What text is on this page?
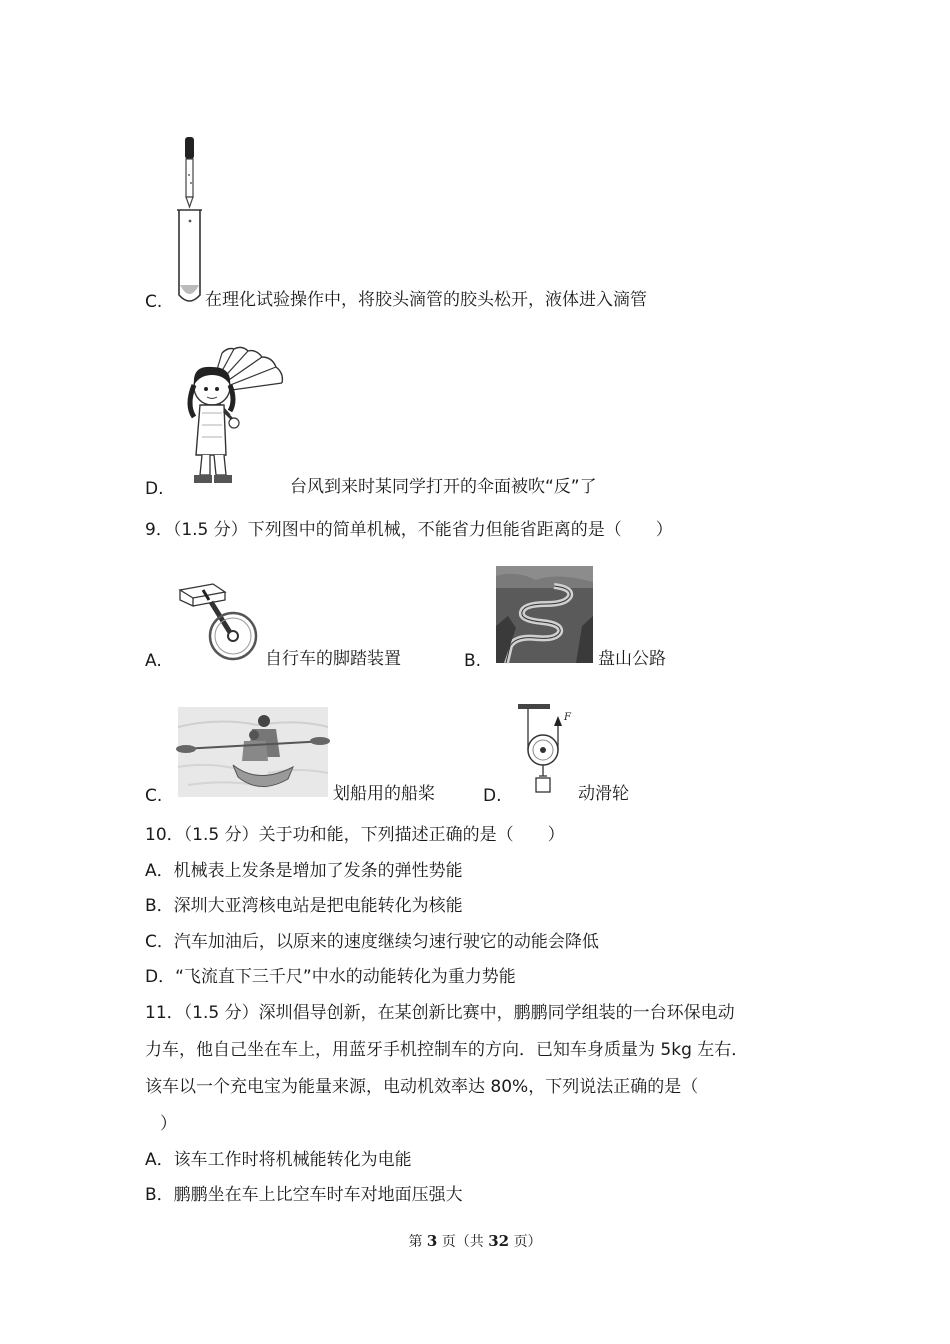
C.	在理化试验操作中，将胶头滴管的胶头松开，液体进入滴管
D.	台风到来时某同学打开的伞面被吹“反”了
9．（1.5 分）下列图中的简单机械，不能省力但能省距离的是（　　）
A.	自行车的脚踏装置	B.	盘山公路
C.	划船用的船桨
F
D.	动滑轮
10．（1.5 分）关于功和能，下列描述正确的是（　　）
A．机械表上发条是增加了发条的弹性势能
B．深圳大亚湾核电站是把电能转化为核能
C．汽车加油后，以原来的速度继续匀速行驶它的动能会降低
D．“飞流直下三千尺”中水的动能转化为重力势能
11．（1.5 分）深圳倡导创新，在某创新比赛中，鹏鹏同学组装的一台环保电动
力车，他自己坐在车上，用蓝牙手机控制车的方向．已知车身质量为 5kg 左右．
该车以一个充电宝为能量来源，电动机效率达 80%，下列说法正确的是（
）
A．该车工作时将机械能转化为电能
B．鹏鹏坐在车上比空车时车对地面压强大
第 3 页（共 32 页）
